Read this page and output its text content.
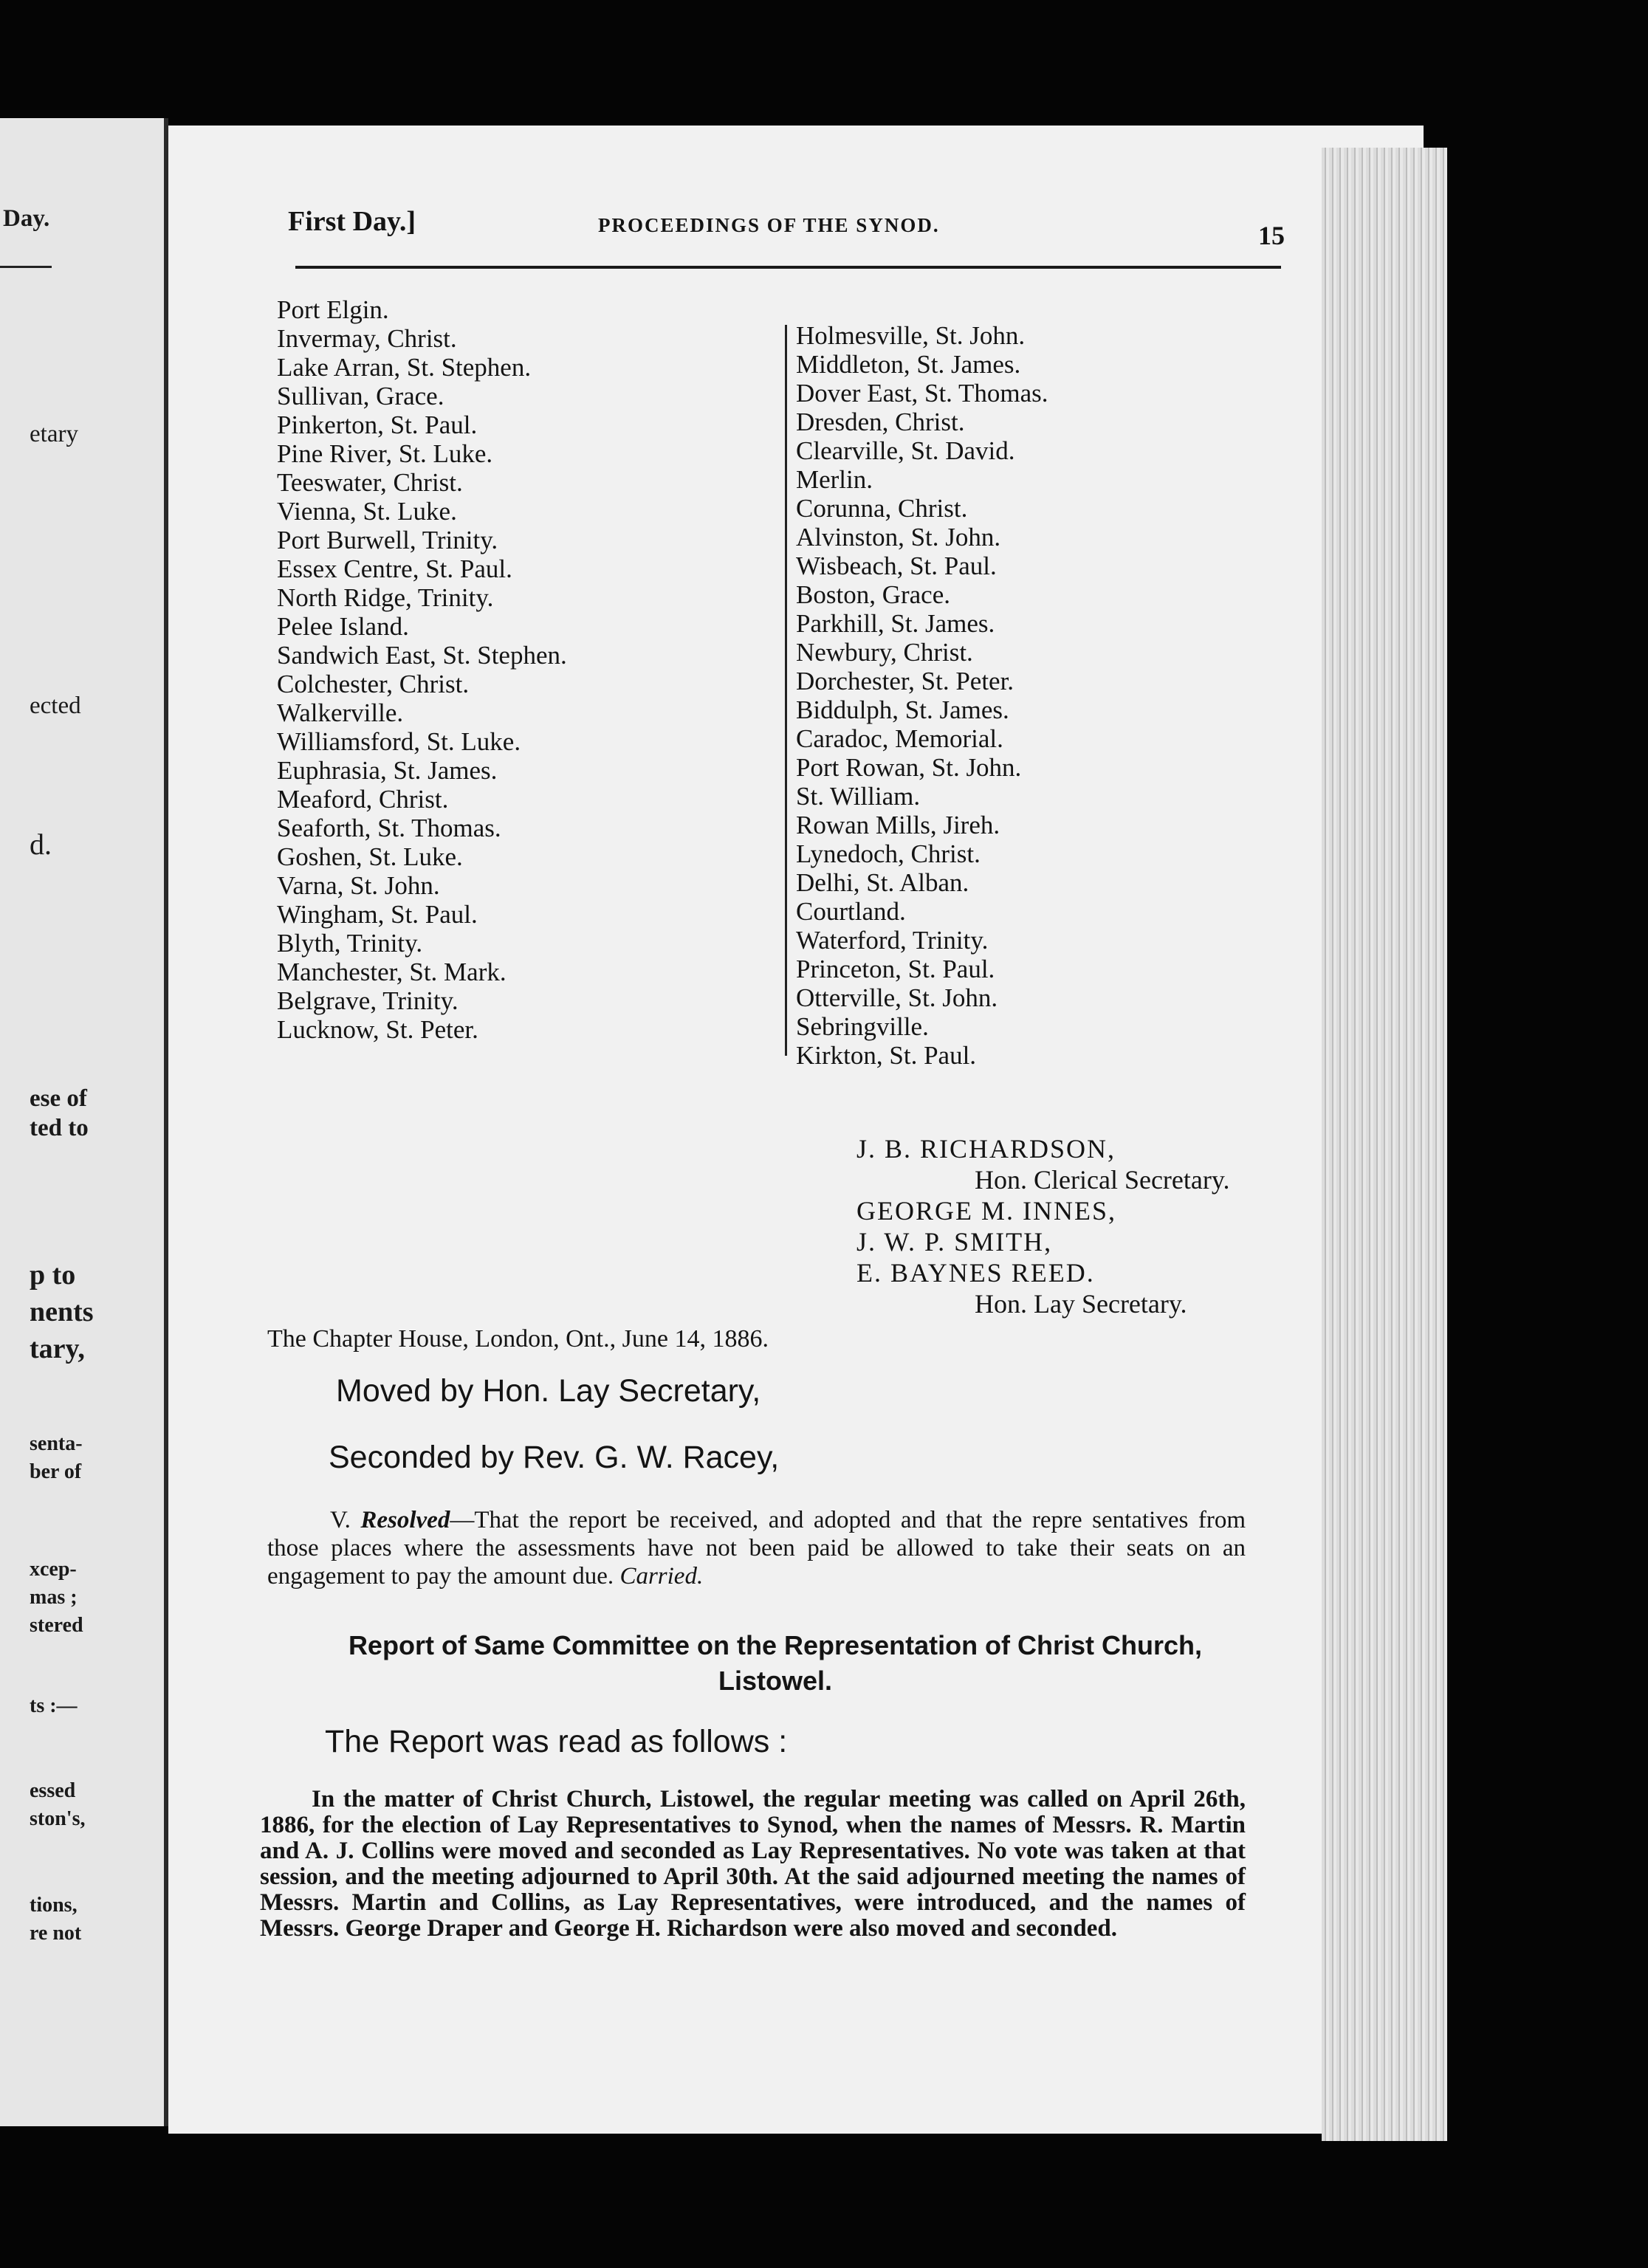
Day.
etary
ected
d.
ese of
ted to
p to
nents
tary,
senta-
ber of
xcep-
mas ;
stered
ts :—
essed
ston's,
tions,
re not
First Day.]	PROCEEDINGS OF THE SYNOD.	15
Port Elgin.
Invermay, Christ.
Lake Arran, St. Stephen.
Sullivan, Grace.
Pinkerton, St. Paul.
Pine River, St. Luke.
Teeswater, Christ.
Vienna, St. Luke.
Port Burwell, Trinity.
Essex Centre, St. Paul.
North Ridge, Trinity.
Pelee Island.
Sandwich East, St. Stephen.
Colchester, Christ.
Walkerville.
Williamsford, St. Luke.
Euphrasia, St. James.
Meaford, Christ.
Seaforth, St. Thomas.
Goshen, St. Luke.
Varna, St. John.
Wingham, St. Paul.
Blyth, Trinity.
Manchester, St. Mark.
Belgrave, Trinity.
Lucknow, St. Peter.
Holmesville, St. John.
Middleton, St. James.
Dover East, St. Thomas.
Dresden, Christ.
Clearville, St. David.
Merlin.
Corunna, Christ.
Alvinston, St. John.
Wisbeach, St. Paul.
Boston, Grace.
Parkhill, St. James.
Newbury, Christ.
Dorchester, St. Peter.
Biddulph, St. James.
Caradoc, Memorial.
Port Rowan, St. John.
St. William.
Rowan Mills, Jireh.
Lynedoch, Christ.
Delhi, St. Alban.
Courtland.
Waterford, Trinity.
Princeton, St. Paul.
Otterville, St. John.
Sebringville.
Kirkton, St. Paul.
J. B. RICHARDSON,
Hon. Clerical Secretary.
GEORGE M. INNES,
J. W. P. SMITH,
E. BAYNES REED.
Hon. Lay Secretary.
The Chapter House, London, Ont., June 14, 1886.
Moved by Hon. Lay Secretary,
Seconded by Rev. G. W. Racey,
V. Resolved—That the report be received, and adopted and that the repre sentatives from those places where the assessments have not been paid be allowed to take their seats on an engagement to pay the amount due. Carried.
Report of Same Committee on the Representation of Christ Church, Listowel.
The Report was read as follows :
In the matter of Christ Church, Listowel, the regular meeting was called on April 26th, 1886, for the election of Lay Representatives to Synod, when the names of Messrs. R. Martin and A. J. Collins were moved and seconded as Lay Representatives. No vote was taken at that session, and the meeting adjourned to April 30th. At the said adjourned meeting the names of Messrs. Martin and Collins, as Lay Representatives, were introduced, and the names of Messrs. George Draper and George H. Richardson were also moved and seconded.
